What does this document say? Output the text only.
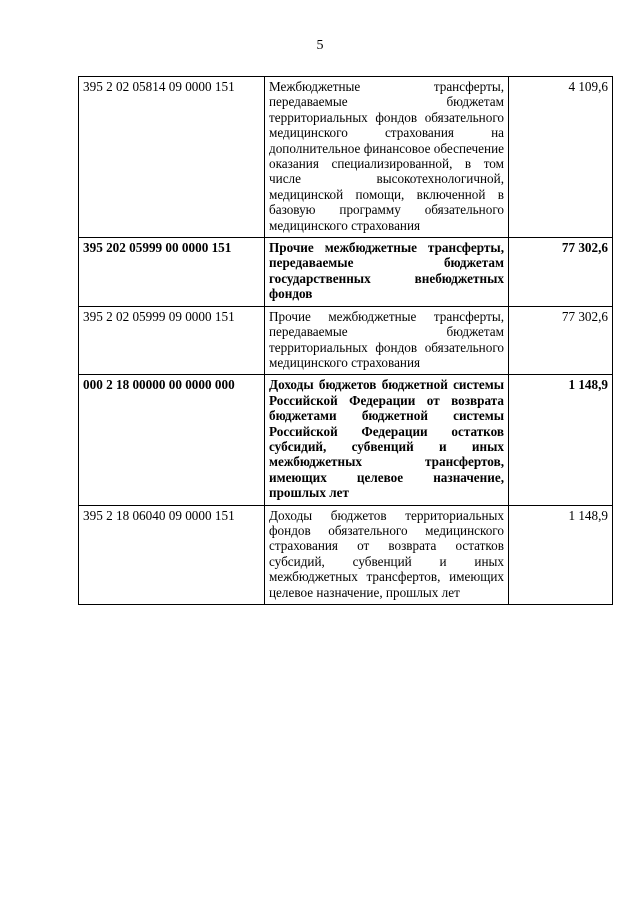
5
395 2 02 05814 09 0000 151	Межбюджетные трансферты, передаваемые бюджетам территориальных фондов обязательного медицинского страхования на дополнительное финансовое обеспечение оказания специализированной, в том числе высокотехнологичной, медицинской помощи, включенной в базовую программу обязательного медицинского страхования	4 109,6
395 202 05999 00 0000 151	Прочие межбюджетные трансферты, передаваемые бюджетам государственных внебюджетных фондов	77 302,6
395 2 02 05999 09 0000 151	Прочие межбюджетные трансферты, передаваемые бюджетам территориальных фондов обязательного медицинского страхования	77 302,6
000 2 18 00000 00 0000 000	Доходы бюджетов бюджетной системы Российской Федерации от возврата бюджетами бюджетной системы Российской Федерации остатков субсидий, субвенций и иных межбюджетных трансфертов, имеющих целевое назначение, прошлых лет	1 148,9
395 2 18 06040 09 0000 151	Доходы бюджетов территориальных фондов обязательного медицинского страхования от возврата остатков субсидий, субвенций и иных межбюджетных трансфертов, имеющих целевое назначение, прошлых лет	1 148,9
